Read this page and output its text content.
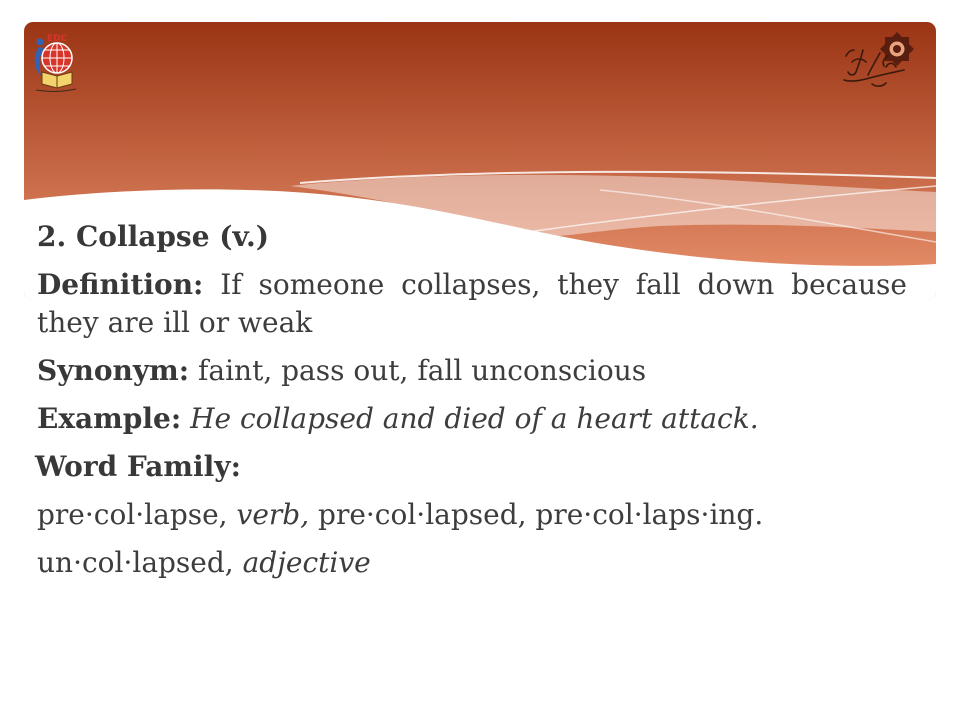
EDC
2. Collapse (v.)

Definition: If someone collapses, they fall down because they are ill or weak

Synonym: faint, pass out, fall unconscious

Example: He collapsed and died of a heart attack.

Word Family:

pre·col·lapse, verb, pre·col·lapsed, pre·col·laps·ing.

un·col·lapsed, adjective
